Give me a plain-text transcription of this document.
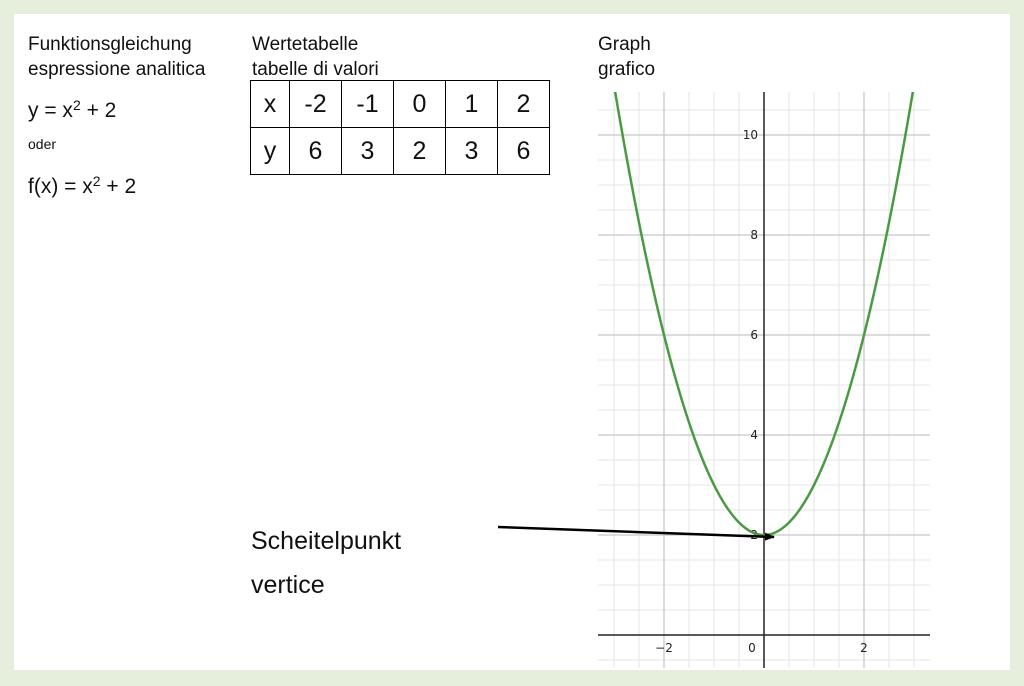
Funktionsgleichung
espressione analitica
$y = x^2 + 2$
oder
$f(x) = x^2 + 2$
Wertetabelle
tabelle di valori
x	-2	-1	0	1	2
y	6	3	2	3	6
Graph
grafico
Scheitelpunkt
vertice
−2	0	2
2
4
6
8
10
